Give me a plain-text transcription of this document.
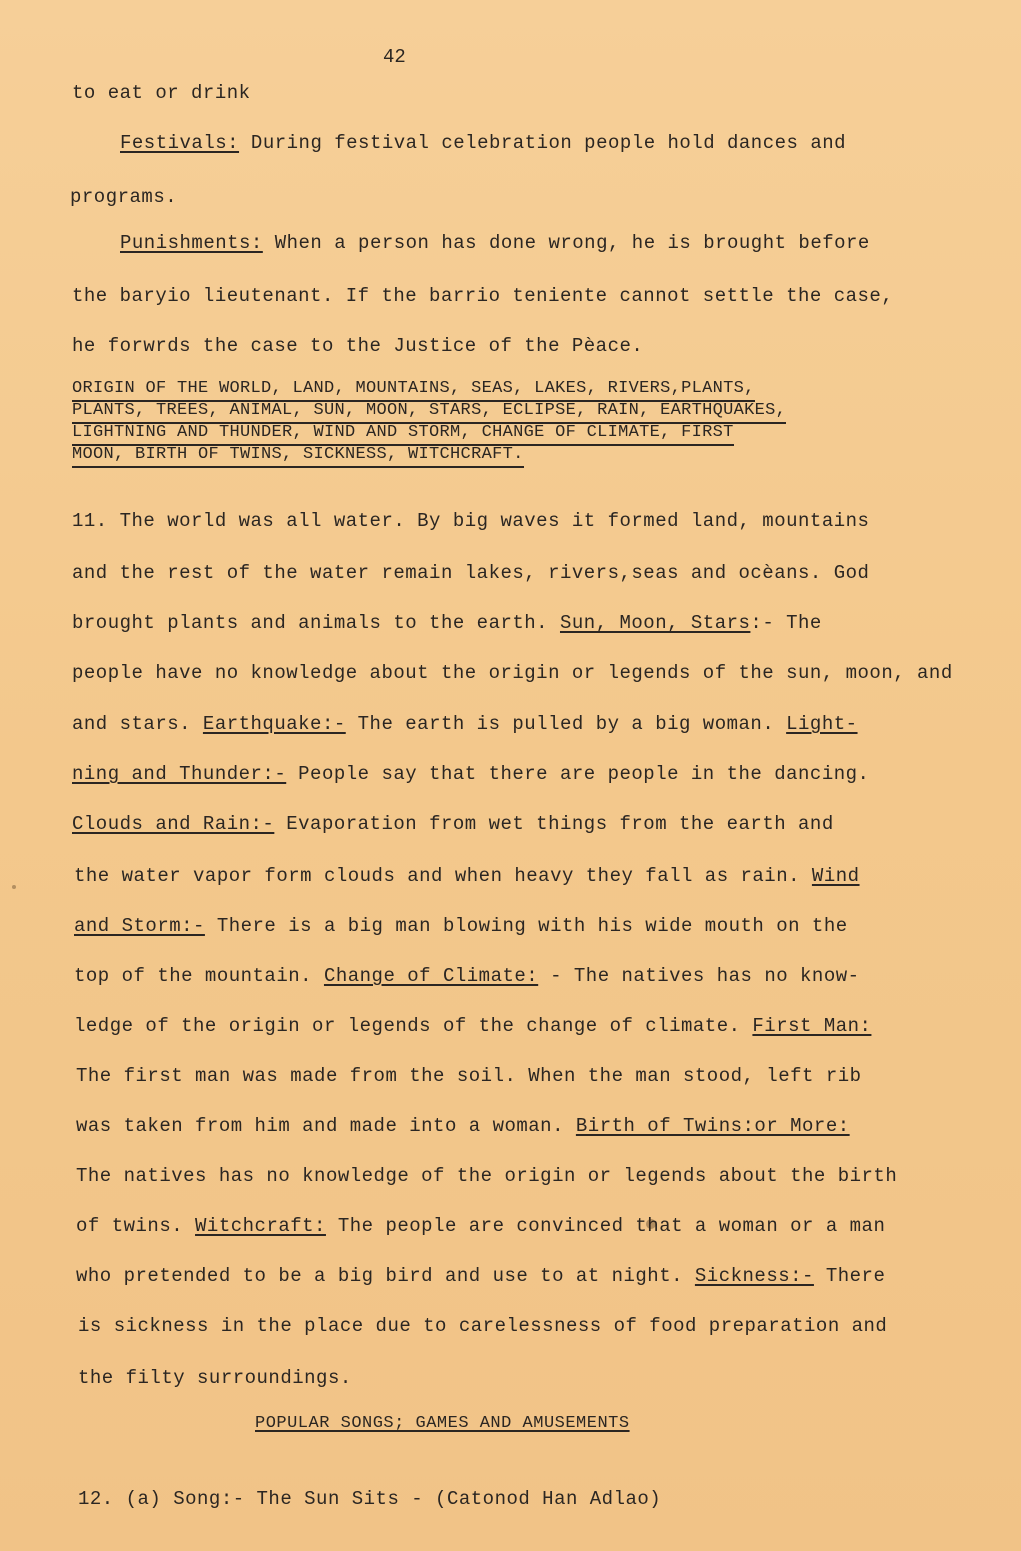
42
to eat or drink
Festivals: During festival celebration people hold dances and
programs.
Punishments: When a person has done wrong, he is brought before
the baryio lieutenant. If the barrio teniente cannot settle the case,
he forwrds the case to the Justice of the Pèace.
ORIGIN OF THE WORLD, LAND, MOUNTAINS, SEAS, LAKES, RIVERS,PLANTS,
PLANTS, TREES, ANIMAL, SUN, MOON, STARS, ECLIPSE, RAIN, EARTHQUAKES,
LIGHTNING AND THUNDER, WIND AND STORM, CHANGE OF CLIMATE, FIRST
MOON, BIRTH OF TWINS, SICKNESS, WITCHCRAFT.
11. The world was all water. By big waves it formed land, mountains
and the rest of the water remain lakes, rivers,seas and ocèans. God
brought plants and animals to the earth. Sun, Moon, Stars:- The
people have no knowledge about the origin or legends of the sun, moon, and
and stars. Earthquake:- The earth is pulled by a big woman. Light-
ning and Thunder:- People say that there are people in the dancing.
Clouds and Rain:- Evaporation from wet things from the earth and
the water vapor form clouds and when heavy they fall as rain. Wind
and Storm:- There is a big man blowing with his wide mouth on the
top of the mountain. Change of Climate: - The natives has no know-
ledge of the origin or legends of the change of climate. First Man:
The first man was made from the soil. When the man stood, left rib
was taken from him and made into a woman. Birth of Twins:or More:
The natives has no knowledge of the origin or legends about the birth
of twins. Witchcraft: The people are convinced that a woman or a man
who pretended to be a big bird and use to at night. Sickness:- There
is sickness in the place due to carelessness of food preparation and
the filty surroundings.
POPULAR SONGS; GAMES AND AMUSEMENTS
12. (a) Song:- The Sun Sits - (Catonod Han Adlao)
